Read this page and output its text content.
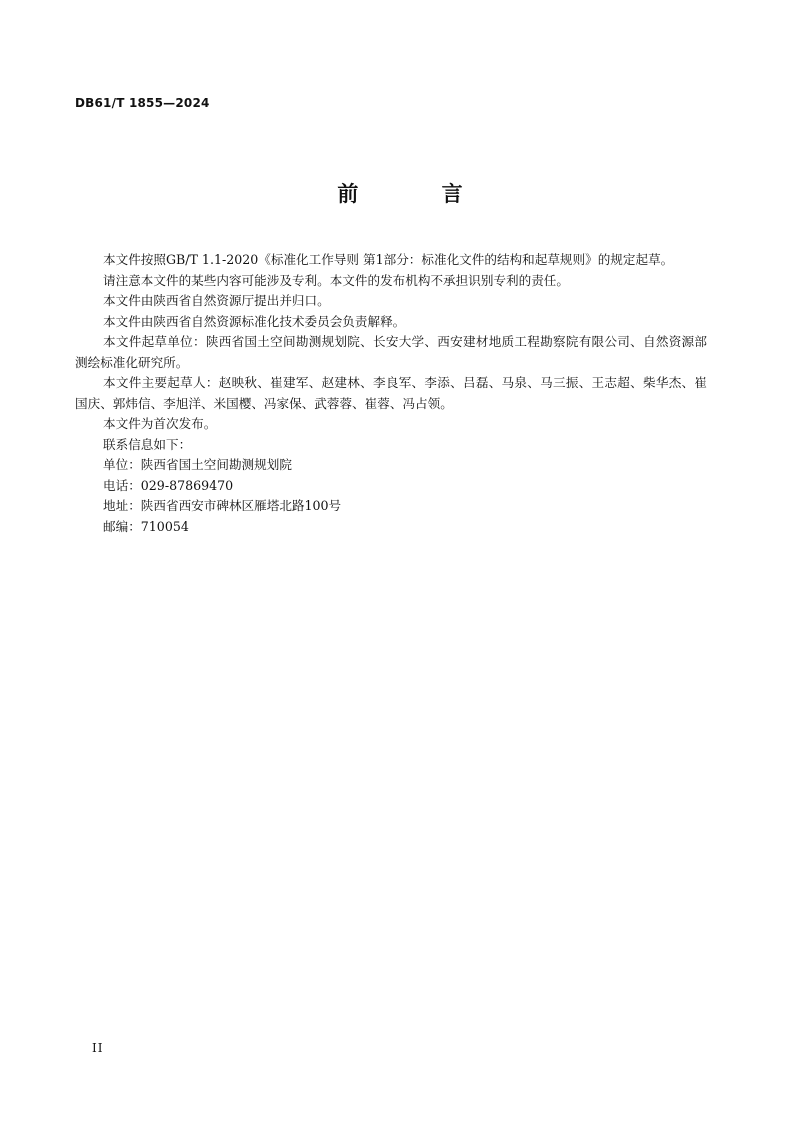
DB61/T 1855—2024
前 言

本文件按照GB/T 1.1-2020《标准化工作导则 第1部分：标准化文件的结构和起草规则》的规定起草。

请注意本文件的某些内容可能涉及专利。本文件的发布机构不承担识别专利的责任。

本文件由陕西省自然资源厅提出并归口。

本文件由陕西省自然资源标准化技术委员会负责解释。

本文件起草单位：陕西省国土空间勘测规划院、长安大学、西安建材地质工程勘察院有限公司、自然资源部测绘标准化研究所。

本文件主要起草人：赵映秋、崔建军、赵建林、李良军、李添、吕磊、马泉、马三振、王志超、柴华杰、崔国庆、郭炜信、李旭洋、米国樱、冯家保、武蓉蓉、崔蓉、冯占领。

本文件为首次发布。

联系信息如下：

单位：陕西省国土空间勘测规划院

电话：029-87869470

地址：陕西省西安市碑林区雁塔北路100号

邮编：710054

II
